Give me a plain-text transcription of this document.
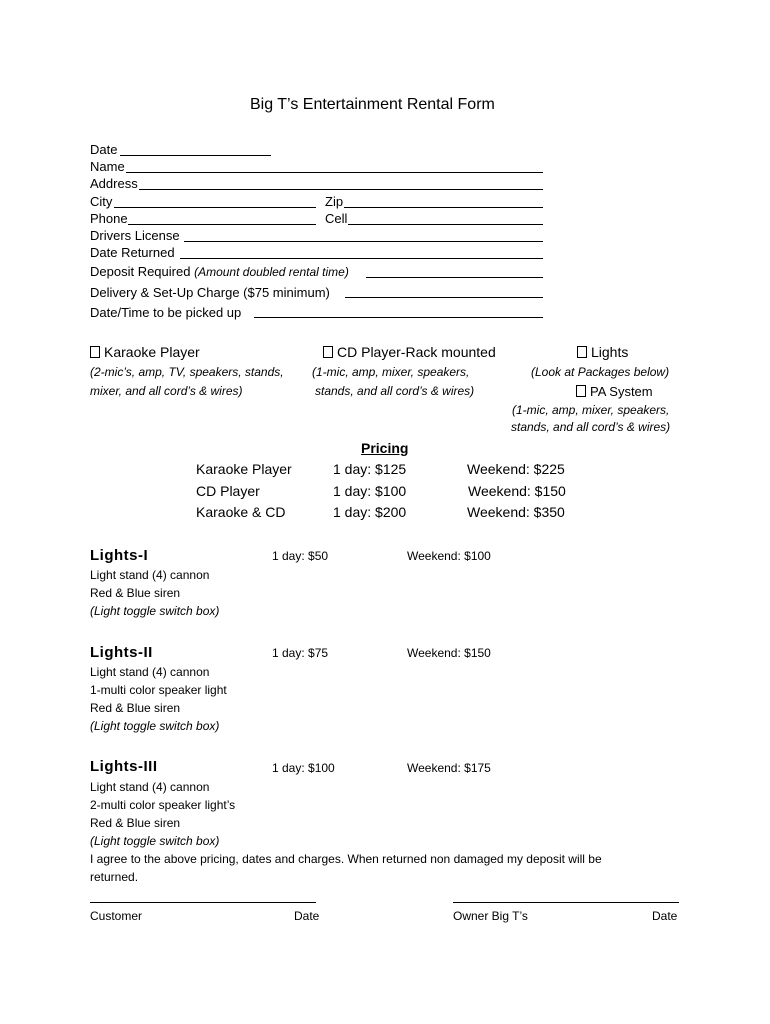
Big T’s Entertainment Rental Form
Date
Name
Address
City	Zip
Phone	Cell
Drivers License
Date Returned
Deposit Required (Amount doubled rental time)
Delivery & Set-Up Charge ($75 minimum)
Date/Time to be picked up
Karaoke Player
(2-mic’s, amp, TV, speakers, stands,
mixer, and all cord’s & wires)
CD Player-Rack mounted
(1-mic, amp, mixer, speakers,
stands, and all cord’s & wires)
Lights
(Look at Packages below)
PA System
(1-mic, amp, mixer, speakers,
stands, and all cord’s & wires)
Pricing
Karaoke Player	1 day: $125	Weekend: $225
CD Player	1 day: $100	Weekend: $150
Karaoke & CD	1 day: $200	Weekend: $350
Lights-I	1 day: $50	Weekend: $100
Light stand (4) cannon
Red & Blue siren
(Light toggle switch box)
Lights-II	1 day: $75	Weekend: $150
Light stand (4) cannon
1-multi color speaker light
Red & Blue siren
(Light toggle switch box)
Lights-III	1 day: $100	Weekend: $175
Light stand (4) cannon
2-multi color speaker light’s
Red & Blue siren
(Light toggle switch box)
I agree to the above pricing, dates and charges. When returned non damaged my deposit will be
returned.
Customer	Date	Owner Big T’s	Date
